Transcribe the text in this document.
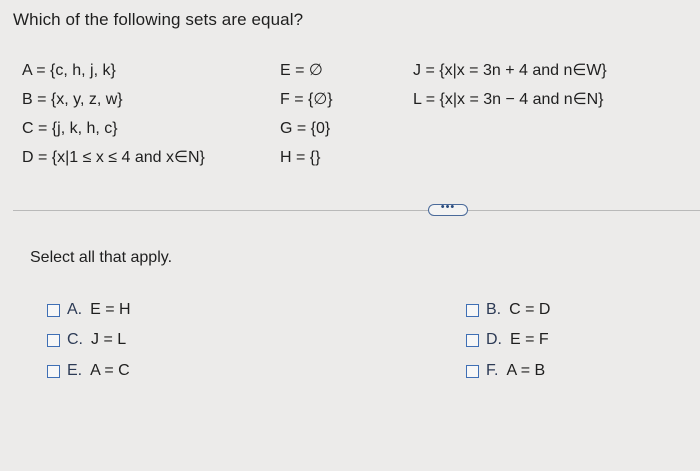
Which of the following sets are equal?
A = {c, h, j, k}
B = {x, y, z, w}
C = {j, k, h, c}
D = {x|1 ≤ x ≤ 4 and x∈N}
E = ∅
F = {∅}
G = {0}
H = {}
J = {x|x = 3n + 4 and n∈W}
L = {x|x = 3n − 4 and n∈N}
•••
Select all that apply.
A. E = H
C. J = L
E. A = C
B. C = D
D. E = F
F. A = B
